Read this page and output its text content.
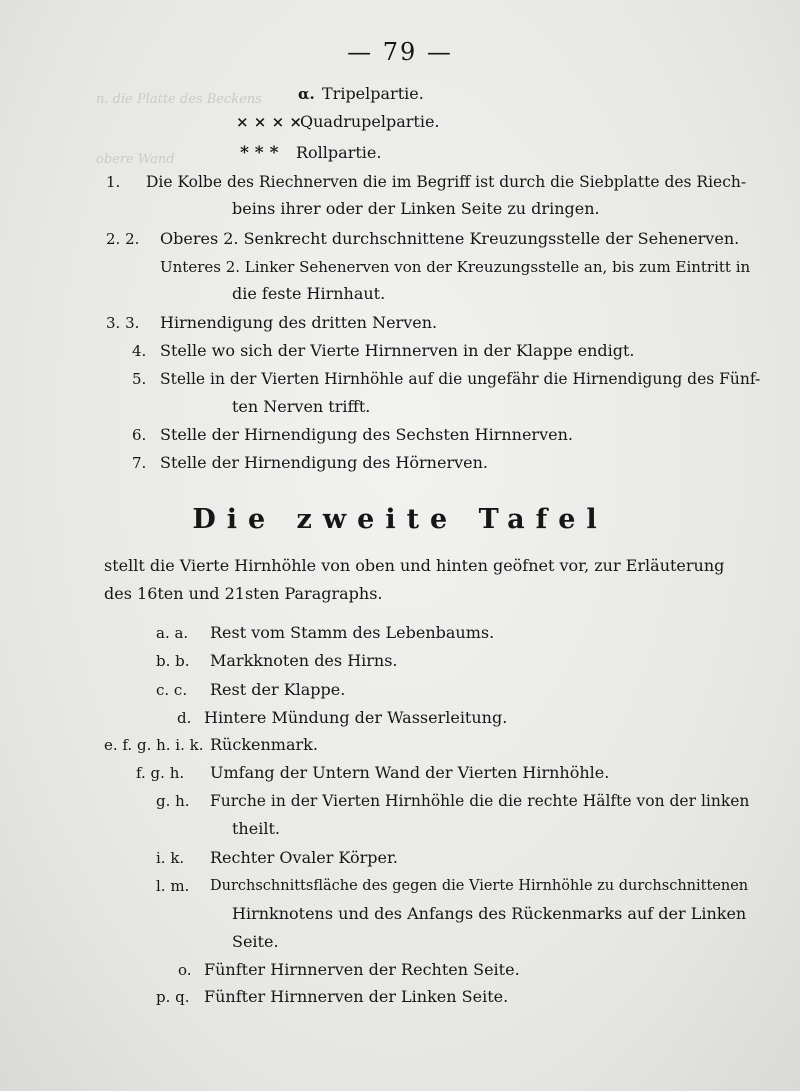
n. die Platte des Beckens
obere Wand

— 79 —
α. Tripelpartie.
× × × ×
Quadrupelpartie.
* * * Rollpartie.
1. Die Kolbe des Riechnerven die im Begriff ist durch die Siebplatte des Riech-
beins ihrer oder der Linken Seite zu dringen.
2. 2. Oberes 2. Senkrecht durchschnittene Kreuzungsstelle der Sehenerven.
Unteres 2. Linker Sehenerven von der Kreuzungsstelle an, bis zum Eintritt in
die feste Hirnhaut.
3. 3. Hirnendigung des dritten Nerven.
4. Stelle wo sich der Vierte Hirnnerven in der Klappe endigt.
5. Stelle in der Vierten Hirnhöhle auf die ungefähr die Hirnendigung des Fünf-
ten Nerven trifft.
6. Stelle der Hirnendigung des Sechsten Hirnnerven.
7. Stelle der Hirnendigung des Hörnerven.
Die zweite Tafel
stellt die Vierte Hirnhöhle von oben und hinten geöfnet vor, zur Erläuterung
des 16ten und 21sten Paragraphs.
a. a. Rest vom Stamm des Lebenbaums.
b. b. Markknoten des Hirns.
c. c. Rest der Klappe.
d. Hintere Mündung der Wasserleitung.
e. f. g. h. i. k. Rückenmark.
f. g. h. Umfang der Untern Wand der Vierten Hirnhöhle.
g. h. Furche in der Vierten Hirnhöhle die die rechte Hälfte von der linken
theilt.
i. k. Rechter Ovaler Körper.
l. m. Durchschnittsfläche des gegen die Vierte Hirnhöhle zu durchschnittenen
Hirnknotens und des Anfangs des Rückenmarks auf der Linken
Seite.
o. Fünfter Hirnnerven der Rechten Seite.
p. q. Fünfter Hirnnerven der Linken Seite.
